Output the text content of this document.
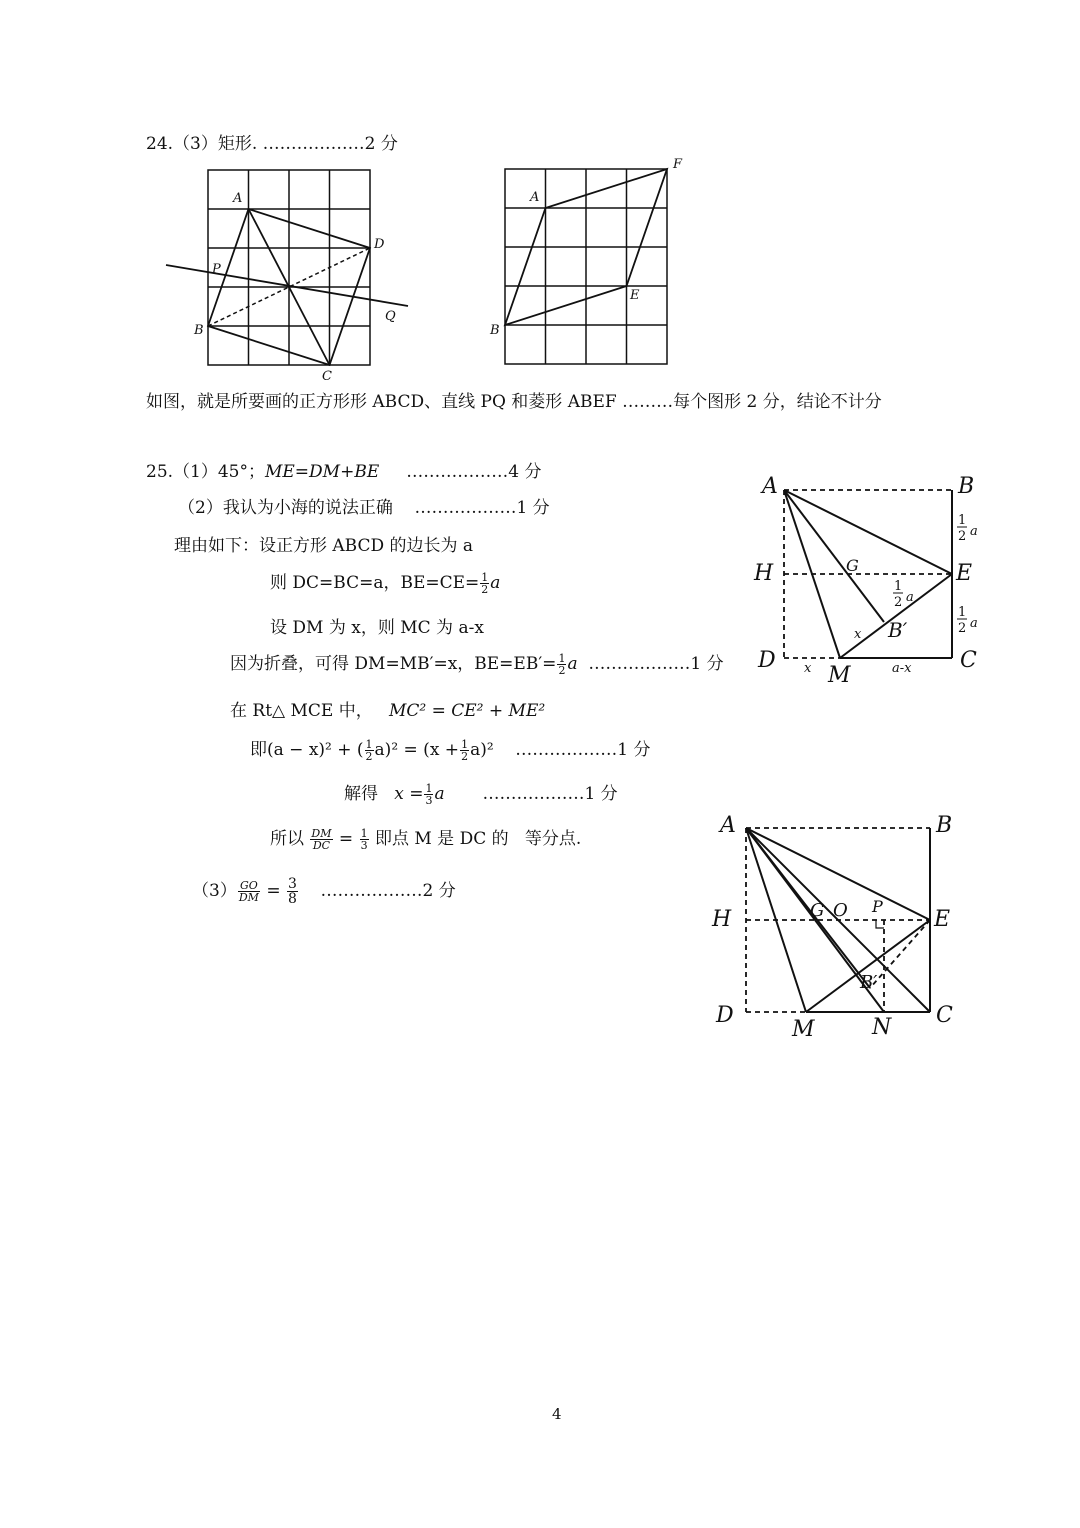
24.（3）矩形. ………………2 分
A
B
C
D
P
Q
A
B
E
F
如图，就是所要画的正方形形 ABCD、直线 PQ 和菱形 ABEF ………每个图形 2 分，结论不计分
25.（1）45°；ME=DM+BE ………………4 分
（2）我认为小海的说法正确 ………………1 分
理由如下：设正方形 ABCD 的边长为 a
则 DC=BC=a，$BE=CE= \frac{1}{2}$ a
设 DM 为 x，则 MC 为 a-x
因为折叠，可得 DM=MB′=x，$BE=EB'= \frac{1}{2}$ a ………………1 分
在 Rt△ MCE 中， MC² = CE² + ME²
即(a − x)² + ( $\frac{1}{2} a)^2 = (x + \frac{1}{2} a)^2$ ………………1 分
解得 $x = \frac{1}{3}$ a ………………1 分
所以 $\frac{DM}{DC} = \frac{1}{3}$ 即点 M 是 DC 的 等分点.
$(3) \frac{GO}{DM} = \frac{3}{8}$ ………………2 分
A	B
C
D
E
H	G
M
B′
x
x	a-x
1
2 a
1
2 a
1
2 a
A	B
C
D
E
H	G O P
B′
M	N
4
